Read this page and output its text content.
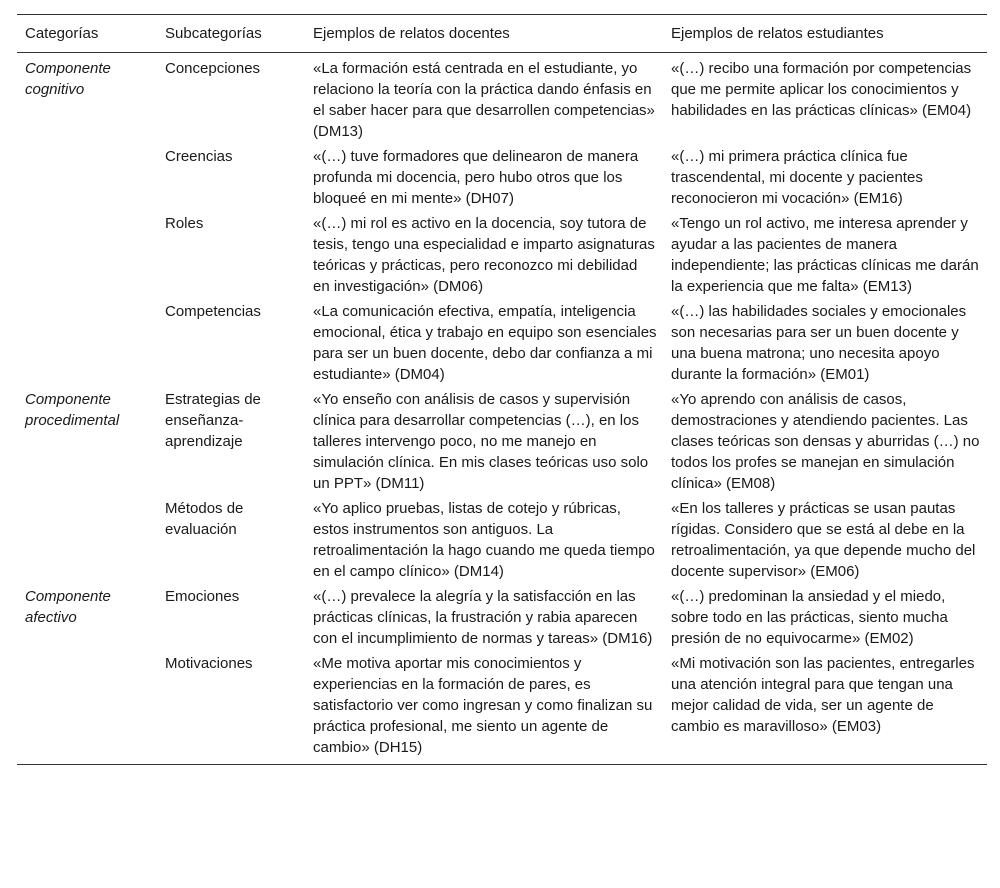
Categorías	Subcategorías	Ejemplos de relatos docentes	Ejemplos de relatos estudiantes
Componente cognitivo	Concepciones	«La formación está centrada en el estudiante, yo relaciono la teoría con la práctica dando énfasis en el saber hacer para que desarrollen competencias» (DM13)	«(…) recibo una formación por competencias que me permite aplicar los conocimientos y habilidades en las prácticas clínicas» (EM04)
	Creencias	«(…) tuve formadores que delinearon de manera profunda mi docencia, pero hubo otros que los bloqueé en mi mente» (DH07)	«(…) mi primera práctica clínica fue trascendental, mi docente y pacientes reconocieron mi vocación» (EM16)
	Roles	«(…) mi rol es activo en la docencia, soy tutora de tesis, tengo una especialidad e imparto asignaturas teóricas y prácticas, pero reconozco mi debilidad en investigación» (DM06)	«Tengo un rol activo, me interesa aprender y ayudar a las pacientes de manera independiente; las prácticas clínicas me darán la experiencia que me falta» (EM13)
	Competencias	«La comunicación efectiva, empatía, inteligencia emocional, ética y trabajo en equipo son esenciales para ser un buen docente, debo dar confianza a mi estudiante» (DM04)	«(…) las habilidades sociales y emocionales son necesarias para ser un buen docente y una buena matrona; uno necesita apoyo durante la formación» (EM01)
Componente procedimental	Estrategias de enseñanza-aprendizaje	«Yo enseño con análisis de casos y supervisión clínica para desarrollar competencias (…), en los talleres intervengo poco, no me manejo en simulación clínica. En mis clases teóricas uso solo un PPT» (DM11)	«Yo aprendo con análisis de casos, demostraciones y atendiendo pacientes. Las clases teóricas son densas y aburridas (…) no todos los profes se manejan en simulación clínica» (EM08)
	Métodos de evaluación	«Yo aplico pruebas, listas de cotejo y rúbricas, estos instrumentos son antiguos. La retroalimentación la hago cuando me queda tiempo en el campo clínico» (DM14)	«En los talleres y prácticas se usan pautas rígidas. Considero que se está al debe en la retroalimentación, ya que depende mucho del docente supervisor» (EM06)
Componente afectivo	Emociones	«(…) prevalece la alegría y la satisfacción en las prácticas clínicas, la frustración y rabia aparecen con el incumplimiento de normas y tareas» (DM16)	«(…) predominan la ansiedad y el miedo, sobre todo en las prácticas, siento mucha presión de no equivocarme» (EM02)
	Motivaciones	«Me motiva aportar mis conocimientos y experiencias en la formación de pares, es satisfactorio ver como ingresan y como finalizan su práctica profesional, me siento un agente de cambio» (DH15)	«Mi motivación son las pacientes, entregarles una atención integral para que tengan una mejor calidad de vida, ser un agente de cambio es maravilloso» (EM03)
